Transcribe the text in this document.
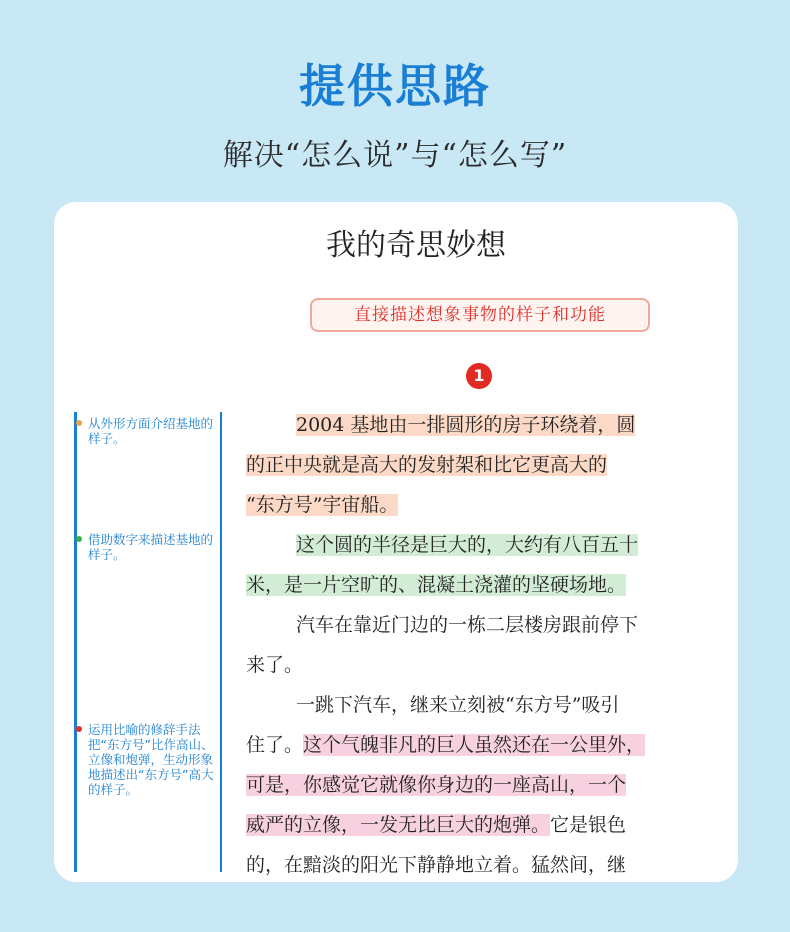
提供思路
解决“怎么说”与“怎么写”
我的奇思妙想
直接描述想象事物的样子和功能
1
从外形方面介绍基地的样子。
借助数字来描述基地的样子。
运用比喻的修辞手法把“东方号”比作高山、立像和炮弹，生动形象地描述出“东方号”高大的样子。
2004 基地由一排圆形的房子环绕着，圆
的正中央就是高大的发射架和比它更高大的
“东方号”宇宙船。
这个圆的半径是巨大的，大约有八百五十
米，是一片空旷的、混凝土浇灌的坚硬场地。
汽车在靠近门边的一栋二层楼房跟前停下
来了。
一跳下汽车，继来立刻被“东方号”吸引
住了。这个气魄非凡的巨人虽然还在一公里外，
可是，你感觉它就像你身边的一座高山，一个
威严的立像，一发无比巨大的炮弹。它是银色
的，在黯淡的阳光下静静地立着。猛然间，继
